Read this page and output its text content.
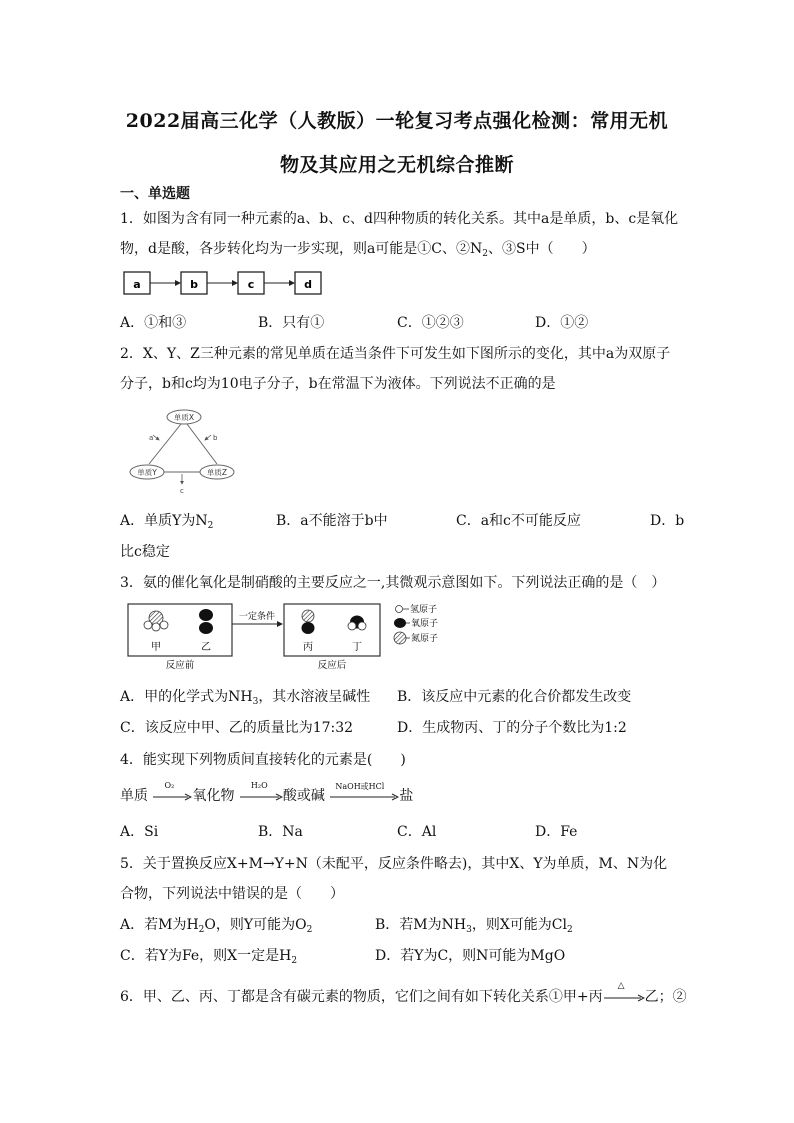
2022届高三化学（人教版）一轮复习考点强化检测：常用无机
物及其应用之无机综合推断
一、单选题
1．如图为含有同一种元素的a、b、c、d四种物质的转化关系。其中a是单质，b、c是氧化
物，d是酸，各步转化均为一步实现，则a可能是①C、$②N_2$、③S中（　　）
a	b	c	d
A．①和③	B．只有①	C．①②③	D．①②
2．X、Y、Z三种元素的常见单质在适当条件下可发生如下图所示的变化，其中a为双原子
分子，b和c均为10电子分子，b在常温下为液体。下列说法不正确的是
单质X
单质Y	单质Z
a	b
c
A．单质Y为$N_2$	B．a不能溶于b中	C．a和c不可能反应	D．b
比c稳定
3．氨的催化氧化是制硝酸的主要反应之一,其微观示意图如下。下列说法正确的是（　）
甲	乙
一定条件
丙	丁
反应前	反应后
氢原子
氧原子
氮原子
A．甲的化学式为$NH_3$，其水溶液呈碱性 B．该反应中元素的化合价都发生改变
C．该反应中甲、乙的质量比为17:32	D．生成物丙、丁的分子个数比为1:2
4．能实现下列物质间直接转化的元素是(　　)
单质
O₂
氧化物
H₂O
酸或碱
NaOH或HCl
盐
A．Si	B．Na	C．Al	D．Fe
5．关于置换反应X+M→Y+N（未配平，反应条件略去)，其中X、Y为单质，M、N为化
合物，下列说法中错误的是（　　）
A．若M为$H_2O$，则Y可能为$O_2$	B．若M为$NH_3$，则X可能为$Cl_2$
C．若Y为Fe，则X一定是$H_2$	D．若Y为C，则N可能为MgO
6．甲、乙、丙、丁都是含有碳元素的物质，它们之间有如下转化关系①甲+丙
△
乙；②
